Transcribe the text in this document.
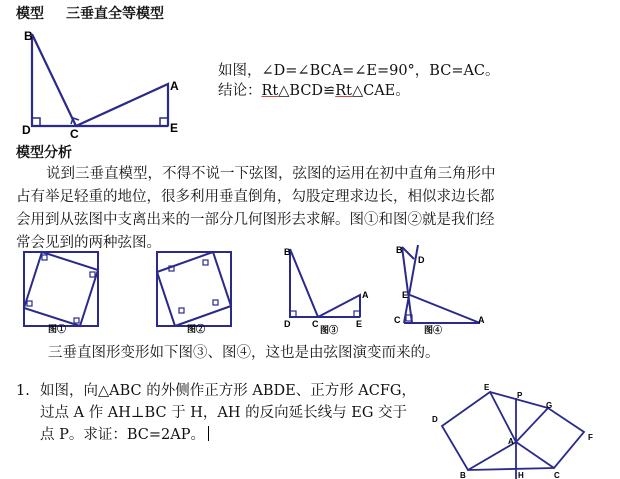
模型 三垂直全等模型
B
A
D	C	E
如图，∠D=∠BCA=∠E=90°，BC=AC。
结论：Rt△BCD≌Rt△CAE。
模型分析
说到三垂直模型，不得不说一下弦图，弦图的运用在初中直角三角形中
占有举足轻重的地位，很多利用垂直倒角，勾股定理求边长，相似求边长都
会用到从弦图中支离出来的一部分几何图形去求解。图①和图②就是我们经
常会见到的两种弦图。
图①	图②
B
A
D C	E
图③
B
D
E
C	A
图④
三垂直图形变形如下图③、图④，这也是由弦图演变而来的。
1. 如图，向△ABC 的外侧作正方形 ABDE、正方形 ACFG，
过点 A 作 AH⊥BC 于 H，AH 的反向延长线与 EG 交于
点 P。求证：BC=2AP。
E
P
G
D
F
A
B	H	C
